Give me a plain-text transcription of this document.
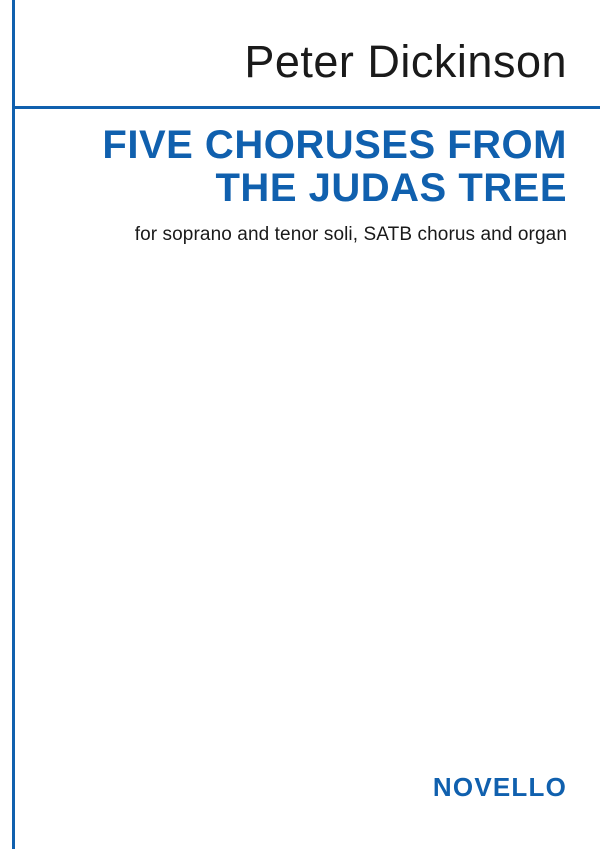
Peter Dickinson
FIVE CHORUSES FROM
THE JUDAS TREE
for soprano and tenor soli, SATB chorus and organ
NOVELLO
